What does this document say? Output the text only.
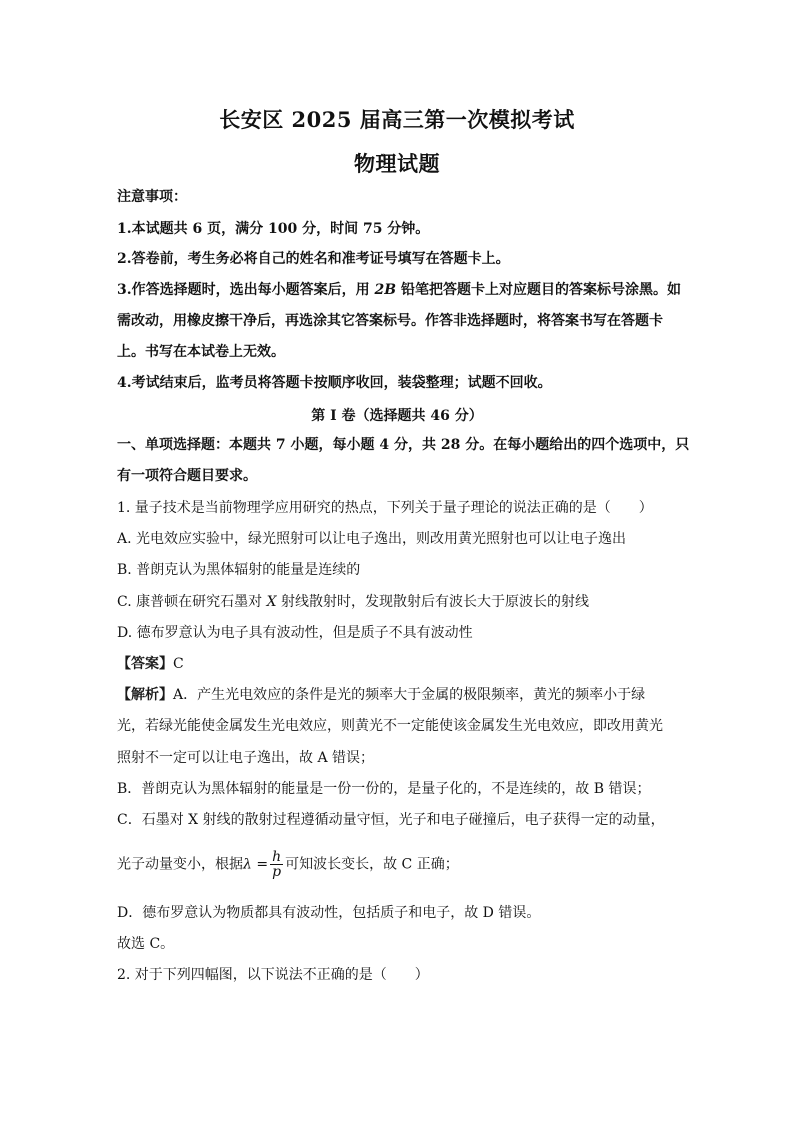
长安区 2025 届高三第一次模拟考试
物理试题
注意事项：
1.本试题共 6 页，满分 100 分，时间 75 分钟。
2.答卷前，考生务必将自己的姓名和准考证号填写在答题卡上。
3.作答选择题时，选出每小题答案后，用 2B 铅笔把答题卡上对应题目的答案标号涂黑。如
需改动，用橡皮擦干净后，再选涂其它答案标号。作答非选择题时，将答案书写在答题卡
上。书写在本试卷上无效。
4.考试结束后，监考员将答题卡按顺序收回，装袋整理；试题不回收。
第 I 卷（选择题共 46 分）
一、单项选择题：本题共 7 小题，每小题 4 分，共 28 分。在每小题给出的四个选项中，只
有一项符合题目要求。
1. 量子技术是当前物理学应用研究的热点，下列关于量子理论的说法正确的是（　　）
A. 光电效应实验中，绿光照射可以让电子逸出，则改用黄光照射也可以让电子逸出
B. 普朗克认为黑体辐射的能量是连续的
C. 康普顿在研究石墨对 X 射线散射时，发现散射后有波长大于原波长的射线
D. 德布罗意认为电子具有波动性，但是质子不具有波动性
【答案】C
【解析】A．产生光电效应的条件是光的频率大于金属的极限频率，黄光的频率小于绿
光，若绿光能使金属发生光电效应，则黄光不一定能使该金属发生光电效应，即改用黄光
照射不一定可以让电子逸出，故 A 错误；
B．普朗克认为黑体辐射的能量是一份一份的，是量子化的，不是连续的，故 B 错误；
C．石墨对 X 射线的散射过程遵循动量守恒，光子和电子碰撞后，电子获得一定的动量，
光子动量变小，根据$\lambda = \frac{h}{p}$ 可知波长变长，故 C 正确；
D．德布罗意认为物质都具有波动性，包括质子和电子，故 D 错误。
故选 C。
2. 对于下列四幅图，以下说法不正确的是（　　）
